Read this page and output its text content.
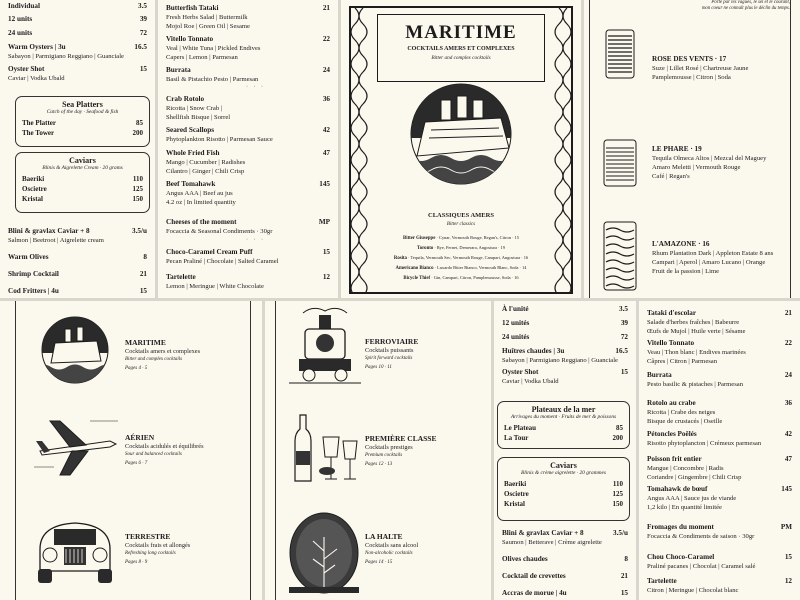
Individual	3.5
12 units	39
24 units	72
Warm Oysters | 3u	16.5
Sabayon | Parmigiano Reggiano | Guanciale
Oyster Shot	15
Caviar | Vodka Ubald
Sea Platters
Catch of the day · Seafood & fish
The Platter	85
The Tower	200
Caviars
Blinis & Aigrelette Cream · 20 grams
Baeriki	110
Oscietre	125
Kristal	150
Blini & gravlax Caviar + 8	3.5/u
Salmon | Beetroot | Aigrelette cream
Warm Olives	8
Shrimp Cocktail	21
Cod Fritters | 4u	15
Butterfish Tataki	21
Fresh Herbs Salad | Buttermilk
Mojol Roe | Green Oil | Sesame
Vitello Tonnato	22
Veal | White Tuna | Pickled Endives
Capers | Lemon | Parmesan
Burrata	24
Basil & Pistachio Pesto | Parmesan
· · ·
Crab Rotolo	36
Ricotta | Snow Crab |
Shellfish Bisque | Sorrel
Seared Scallops	42
Phytoplankton Risotto | Parmesan Sauce
Whole Fried Fish	47
Mango | Cucumber | Radishes
Cilantro | Ginger | Chili Crisp
Beef Tomahawk	145
Angus AAA | Beef au jus
4.2 oz | In limited quantity
Cheeses of the moment	MP
Focaccia & Seasonal Condiments · 30gr
· · ·
Choco-Caramel Cream Puff	15
Pecan Praliné | Chocolate | Salted Caramel
Tartelette	12
Lemon | Meringue | White Chocolate
MARITIME
COCKTAILS AMERS ET COMPLEXES
Bitter and complex cocktails
CLASSIQUES AMERS
Bitter classics
Bitter Giuseppe · Cynar, Vermouth Rouge, Regan's, Citron · 15
Toronto · Rye, Fernet, Demerara, Angostura · 19
Rosita · Tequila, Vermouth Sec, Vermouth Rouge, Campari, Angostura · 16
Americano Bianco · Luxardo Bitter Bianco, Vermouth Blanc, Soda · 14
Bicycle Thief · Gin, Campari, Citron, Pamplemousse, Soda · 16
Porté par les vagues, le sel et le courant,
mon coeur ne connaît plus le déclin du temps.
ROSE DES VENTS · 17
Suze | Lillet Rosé | Chartreuse Jaune
Pamplemousse | Citron | Soda
LE PHARE · 19
Tequila Olmeca Altos | Mezcal del Maguey
Amaro Meletti | Vermouth Rouge
Café | Regan's
L'AMAZONE · 16
Rhum Plantation Dark | Appleton Estate 8 ans
Campari | Aperol | Amaro Lucano | Orange
Fruit de la passion | Lime
MARITIME
Cocktails amers et complexes
Bitter and complex cocktails
Pages 4 · 5
AÉRIEN
Cocktails acidulés et équilibrés
Sour and balanced cocktails
Pages 6 · 7
TERRESTRE
Cocktails frais et allongés
Refreshing long cocktails
Pages 8 · 9
FERROVIAIRE
Cocktails puissants
Spirit forward cocktails
Pages 10 · 11
PREMIÈRE CLASSE
Cocktails prestiges
Premium cocktails
Pages 12 · 13
LA HALTE
Cocktails sans alcool
Non-alcoholic cocktails
Pages 14 · 15
À l'unité	3.5
12 unités	39
24 unités	72
Huîtres chaudes | 3u	16.5
Sabayon | Parmigiano Reggiano | Guanciale
Oyster Shot	15
Caviar | Vodka Ubald
Plateaux de la mer
Arrivages du moment · Fruits de mer & poissons
Le Plateau	85
La Tour	200
Caviars
Blinis & crème aigrelette · 20 grammes
Baeriki	110
Oscietre	125
Kristal	150
Blini & gravlax Caviar + 8	3.5/u
Saumon | Betterave | Crème aigrelette
Olives chaudes	8
Cocktail de crevettes	21
Accras de morue | 4u	15
Tataki d'escolar	21
Salade d'herbes fraîches | Babeurre
Œufs de Mujol | Huile verte | Sésame
Vitello Tonnato	22
Veau | Thon blanc | Endives marinées
Câpres | Citron | Parmesan
Burrata	24
Pesto basilic & pistaches | Parmesan
Rotolo au crabe	36
Ricotta | Crabe des neiges
Bisque de crustacés | Oseille
Pétoncles Poêlés	42
Risotto phytoplancton | Crémeux parmesan
Poisson frit entier	47
Mangue | Concombre | Radis
Coriandre | Gingembre | Chili Crisp
Tomahawk de bœuf	145
Angus AAA | Sauce jus de viande
1,2 kilo | En quantité limitée
Fromages du moment	PM
Focaccia & Condiments de saison · 30gr
Chou Choco-Caramel	15
Praliné pacanes | Chocolat | Caramel salé
Tartelette	12
Citron | Meringue | Chocolat blanc
